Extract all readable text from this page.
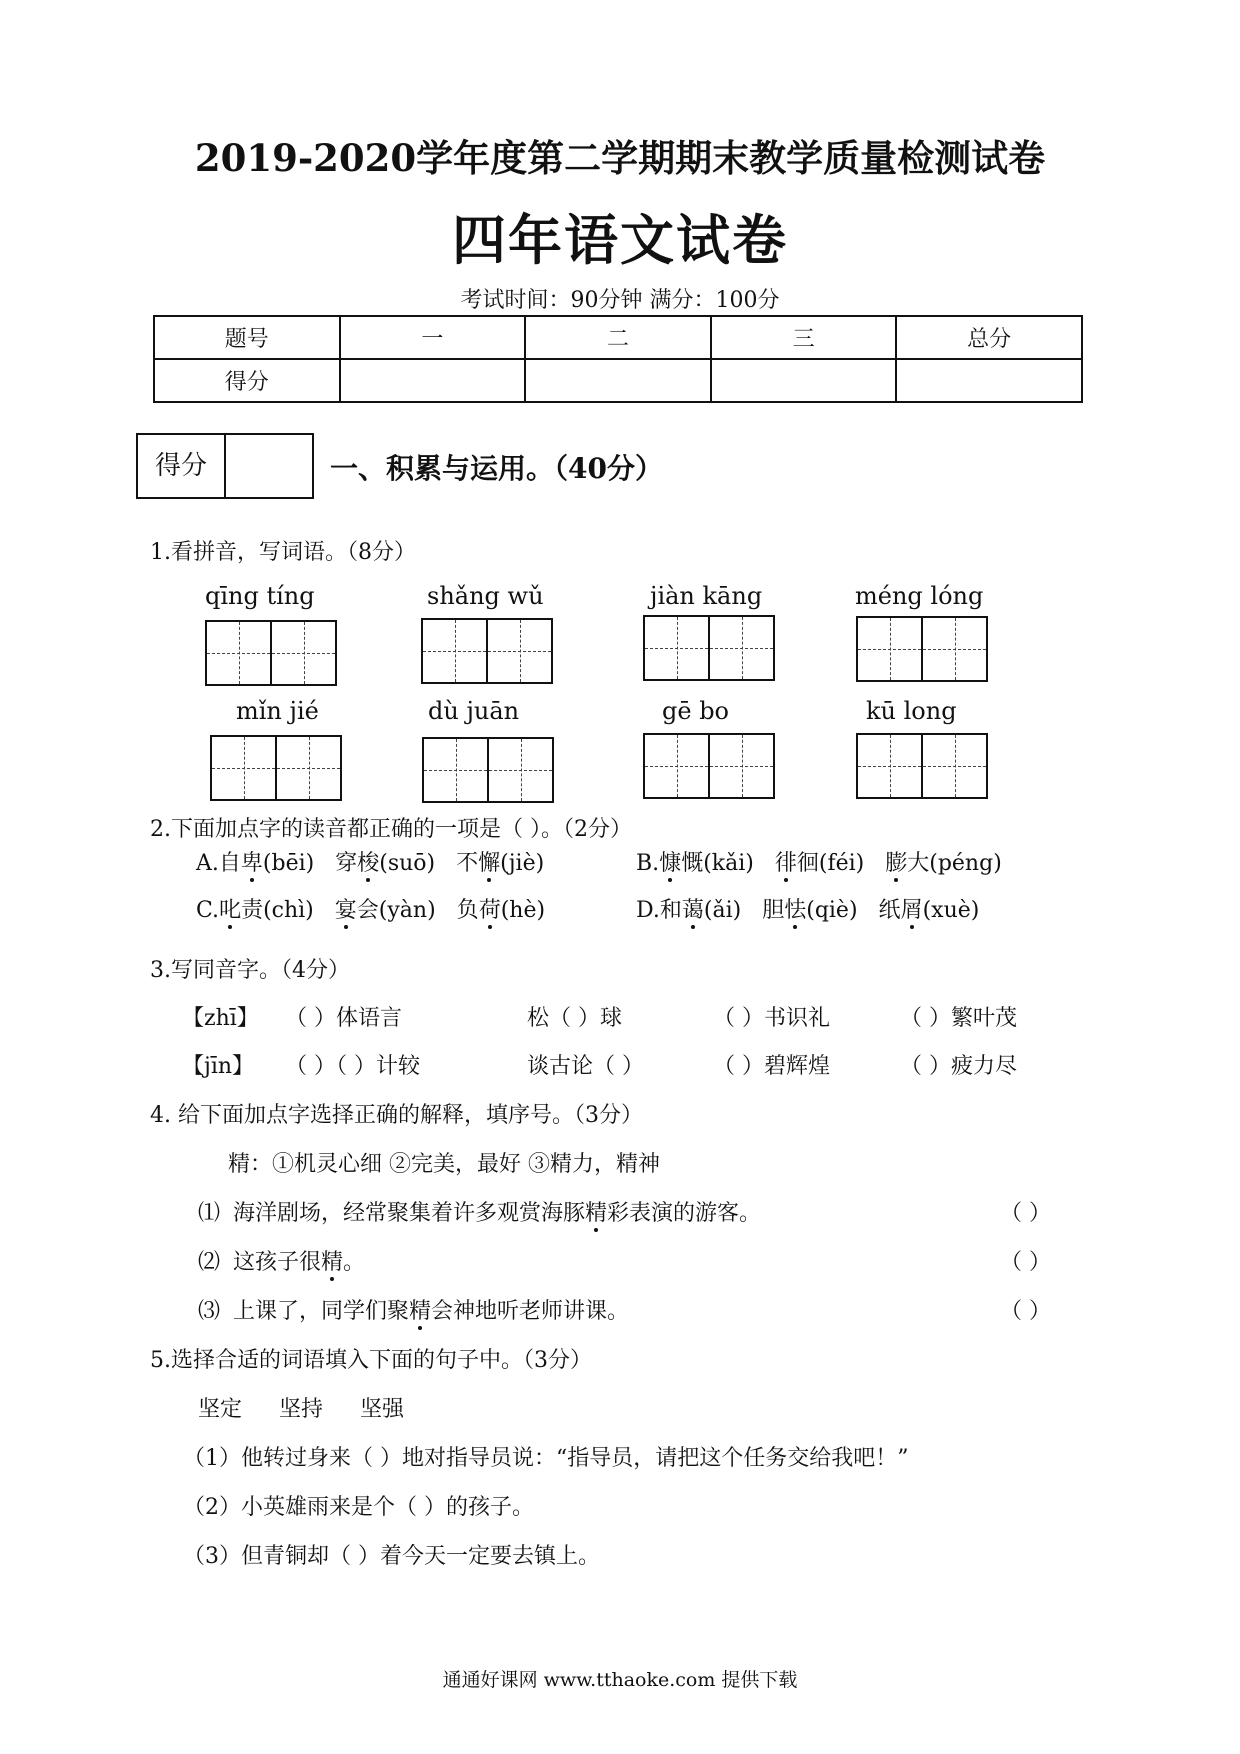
2019-2020学年度第二学期期末教学质量检测试卷
四年语文试卷
考试时间：90分钟 满分：100分
题号	一	二	三	总分
得分				
得分	一、积累与运用。（40分）
1.看拼音，写词语。（8分）
qīng tíng	shǎng wǔ	jiàn kāng	méng lóng
mǐn jié	dù juān	gē bo	kū long
2.下面加点字的读音都正确的一项是（ ）。（2分）
A.自卑(bēi) 穿梭(suō) 不懈(jiè)	B.慷慨(kǎi) 徘徊(féi) 膨大(péng)
C.叱责(chì) 宴会(yàn) 负荷(hè)	D.和蔼(ǎi) 胆怯(qiè) 纸屑(xuè)
3.写同音字。（4分）
【zhī】 （ ）体语言	松（ ）球	（ ）书识礼	（ ）繁叶茂
【jīn】 （ ）（ ）计较	谈古论（ ）	（ ）碧辉煌	（ ）疲力尽
4. 给下面加点字选择正确的解释，填序号。（3分）
精：①机灵心细 ②完美，最好 ③精力，精神
⑴ 海洋剧场，经常聚集着许多观赏海豚精彩表演的游客。	（ ）
⑵ 这孩子很精。	（ ）
⑶ 上课了，同学们聚精会神地听老师讲课。	（ ）
5.选择合适的词语填入下面的句子中。（3分）
坚定 坚持 坚强
（1）他转过身来（ ）地对指导员说：“指导员，请把这个任务交给我吧！”
（2）小英雄雨来是个（ ）的孩子。
（3）但青铜却（ ）着今天一定要去镇上。
通通好课网 www.tthaoke.com 提供下载
